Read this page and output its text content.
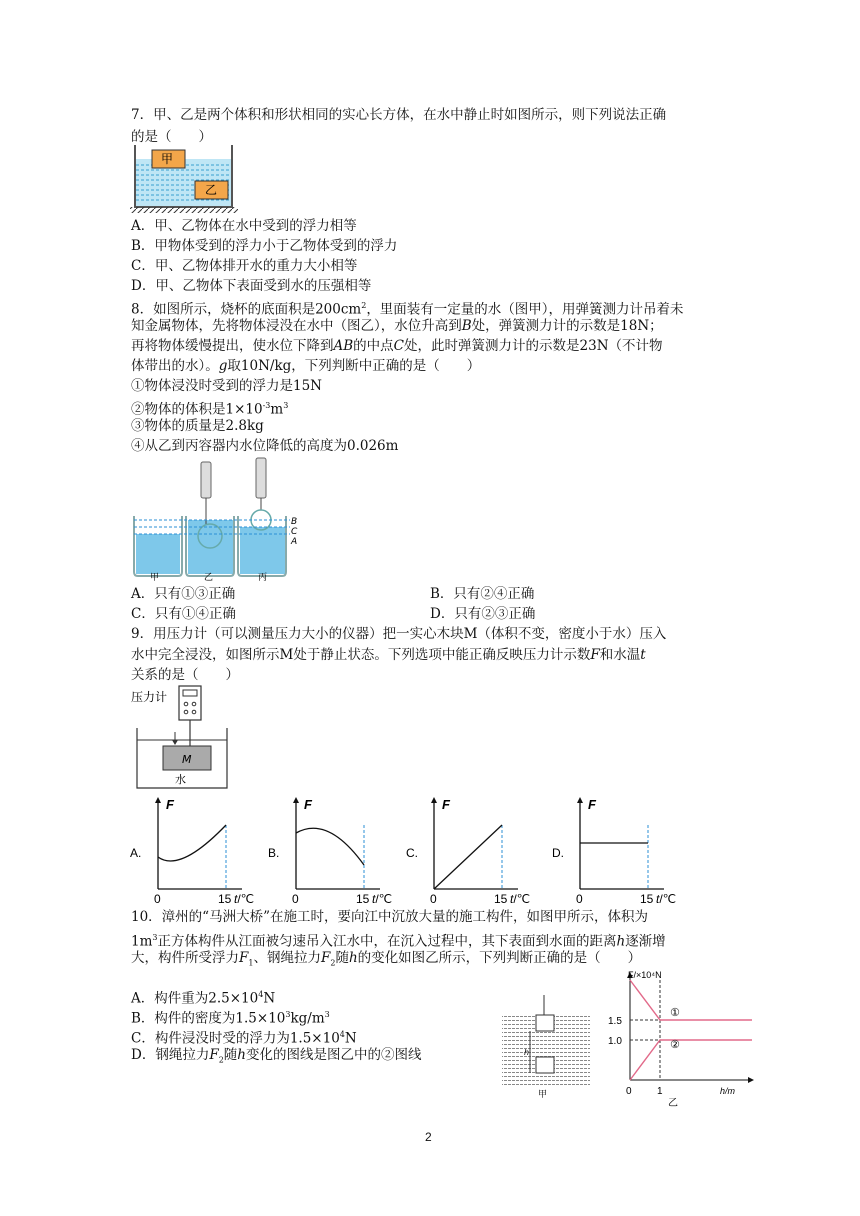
7．甲、乙是两个体积和形状相同的实心长方体，在水中静止时如图所示，则下列说法正确
的是（　　）
甲
乙
A．甲、乙物体在水中受到的浮力相等
B．甲物体受到的浮力小于乙物体受到的浮力
C．甲、乙物体排开水的重力大小相等
D．甲、乙物体下表面受到水的压强相等
8．如图所示，烧杯的底面积是$200cm^2$，里面装有一定量的水（图甲），用弹簧测力计吊着未
知金属物体，先将物体浸没在水中（图乙），水位升高到B处，弹簧测力计的示数是18N；
再将物体缓慢提出，使水位下降到AB的中点C处，此时弹簧测力计的示数是23N（不计物
体带出的水）。g取10N/kg，下列判断中正确的是（　　）
①物体浸没时受到的浮力是15N
②物体的体积是$1\times 10^{-3}m^3$
③物体的质量是2.8kg
④从乙到丙容器内水位降低的高度为0.026m
B
C
A
甲	乙	丙
A．只有①③正确	B．只有②④正确
C．只有①④正确	D．只有②③正确
9．用压力计（可以测量压力大小的仪器）把一实心木块M（体积不变，密度小于水）压入
水中完全浸没，如图所示M处于静止状态。下列选项中能正确反映压力计示数F和水温t
关系的是（　　）
压力计
M
水
A.
F
0	15 t/℃
B.
F
0	15 t/℃
C.
F
0	15 t/℃
D.
F
0	15 t/℃
10．漳州的“马洲大桥”在施工时，要向江中沉放大量的施工构件，如图甲所示，体积为
$1m^3$正方体构件从江面被匀速吊入江水中，在沉入过程中，其下表面到水面的距离h逐渐增
大，构件所受浮力$F_1$、钢绳拉力$F_2$随h的变化如图乙所示，下列判断正确的是（　　）
A．构件重为$2.5\times 10^4N$
B．构件的密度为$1.5\times 10^3kg/m^3$
C．构件浸没时受的浮力为$1.5\times 10^4N$
D．钢绳拉力$F_2$随h变化的图线是图乙中的②图线	h
甲
F/×10⁴N
1.5
1.0
①
②
0	1	h/m
乙
2
